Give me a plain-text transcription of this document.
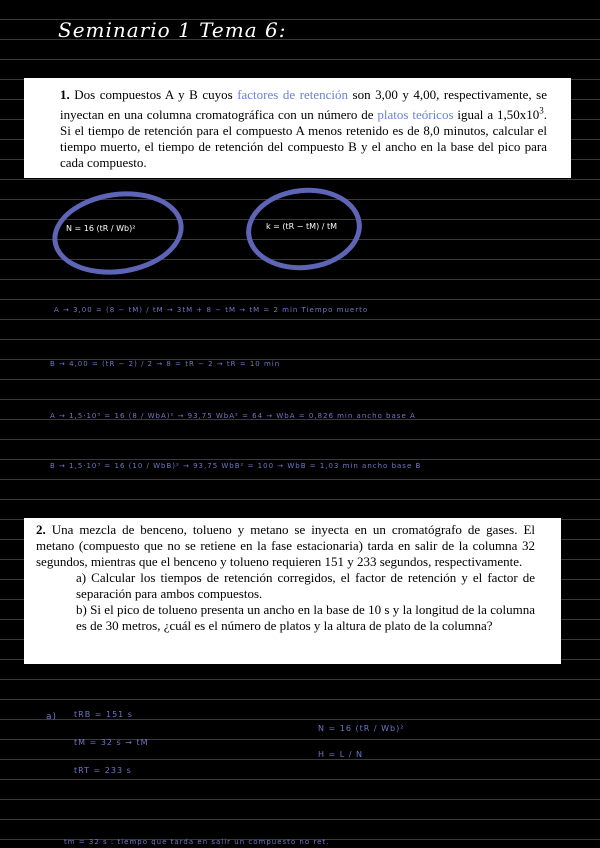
Seminario 1 Tema 6:
1. Dos compuestos A y B cuyos factores de retención son 3,00 y 4,00, respectivamente, se inyectan en una columna cromatográfica con un número de platos teóricos igual a $1,50x10^3$. Si el tiempo de retención para el compuesto A menos retenido es de 8,0 minutos, calcular el tiempo muerto, el tiempo de retención del compuesto B y el ancho en la base del pico para cada compuesto.
N = 16 (tR / Wb)²	k = (tR − tM) / tM
A → 3,00 = (8 − tM) / tM → 3tM + 8 − tM → tM = 2 min Tiempo muerto
B → 4,00 = (tR − 2) / 2 → 8 = tR − 2 → tR = 10 min
A → 1,5·10³ = 16 (8 / WbA)² → 93,75 WbA² = 64 → WbA = 0,826 min ancho base A
B → 1,5·10³ = 16 (10 / WbB)² → 93,75 WbB² = 100 → WbB = 1,03 min ancho base B
2. Una mezcla de benceno, tolueno y metano se inyecta en un cromatógrafo de gases. El metano (compuesto que no se retiene en la fase estacionaria) tarda en salir de la columna 32 segundos, mientras que el benceno y tolueno requieren 151 y 233 segundos, respectivamente.
a) Calcular los tiempos de retención corregidos, el factor de retención y el factor de separación para ambos compuestos.
b) Si el pico de tolueno presenta un ancho en la base de 10 s y la longitud de la columna es de 30 metros, ¿cuál es el número de platos y la altura de plato de la columna?
a) tRB = 151 s
tM = 32 s → tM
tRT = 233 s
N = 16 (tR / Wb)²
H = L / N
tm = 32 s : tiempo que tarda en salir un compuesto no ret.
